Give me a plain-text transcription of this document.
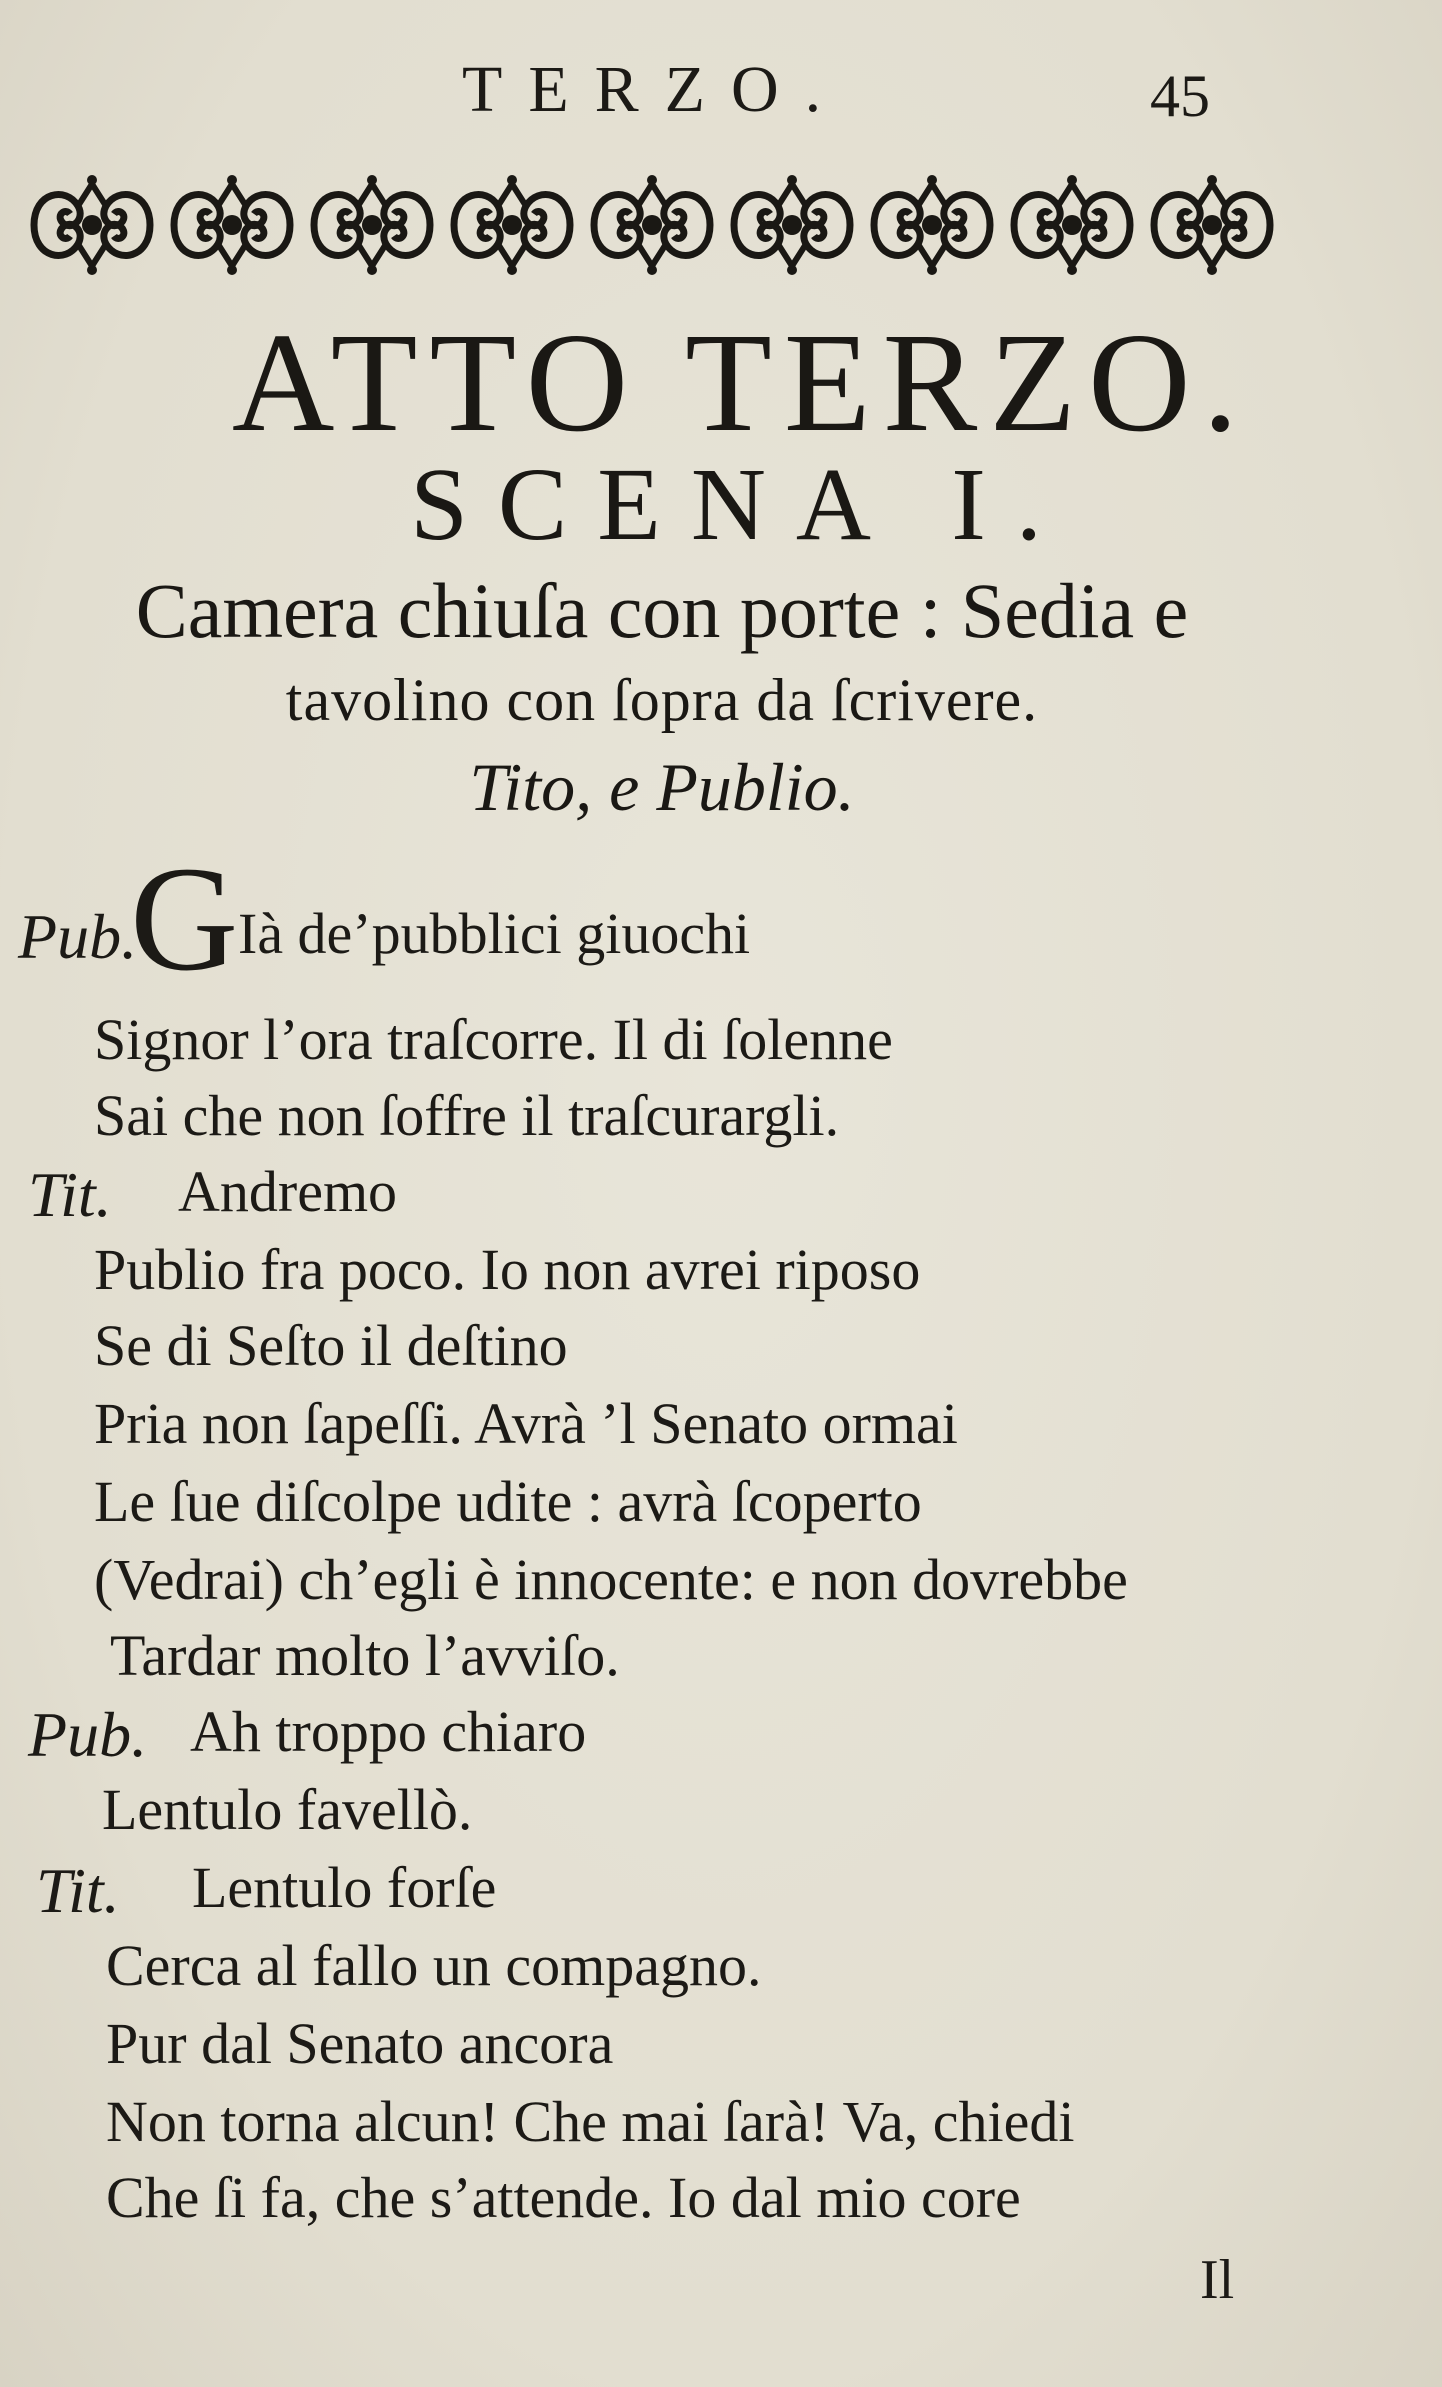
TERZO.	45
ATTO TERZO.
SCENA I.
Camera chiuſa con porte : Sedia e
tavolino con ſopra da ſcrivere.
Tito, e Publio.
Pub.
G Ià de’pubblici giuochi
Signor l’ora traſcorre. Il di ſolenne
Sai che non ſoffre il traſcurargli.
Tit. Andremo
Publio fra poco. Io non avrei riposo
Se di Seſto il deſtino
Pria non ſapeſſi. Avrà ’l Senato ormai
Le ſue diſcolpe udite : avrà ſcoperto
(Vedrai) ch’egli è innocente: e non dovrebbe
Tardar molto l’avviſo.
Pub. Ah troppo chiaro
Lentulo favellò.
Tit. Lentulo forſe
Cerca al fallo un compagno.
Pur dal Senato ancora
Non torna alcun! Che mai ſarà! Va, chiedi
Che ſi fa, che s’attende. Io dal mio core
Il
